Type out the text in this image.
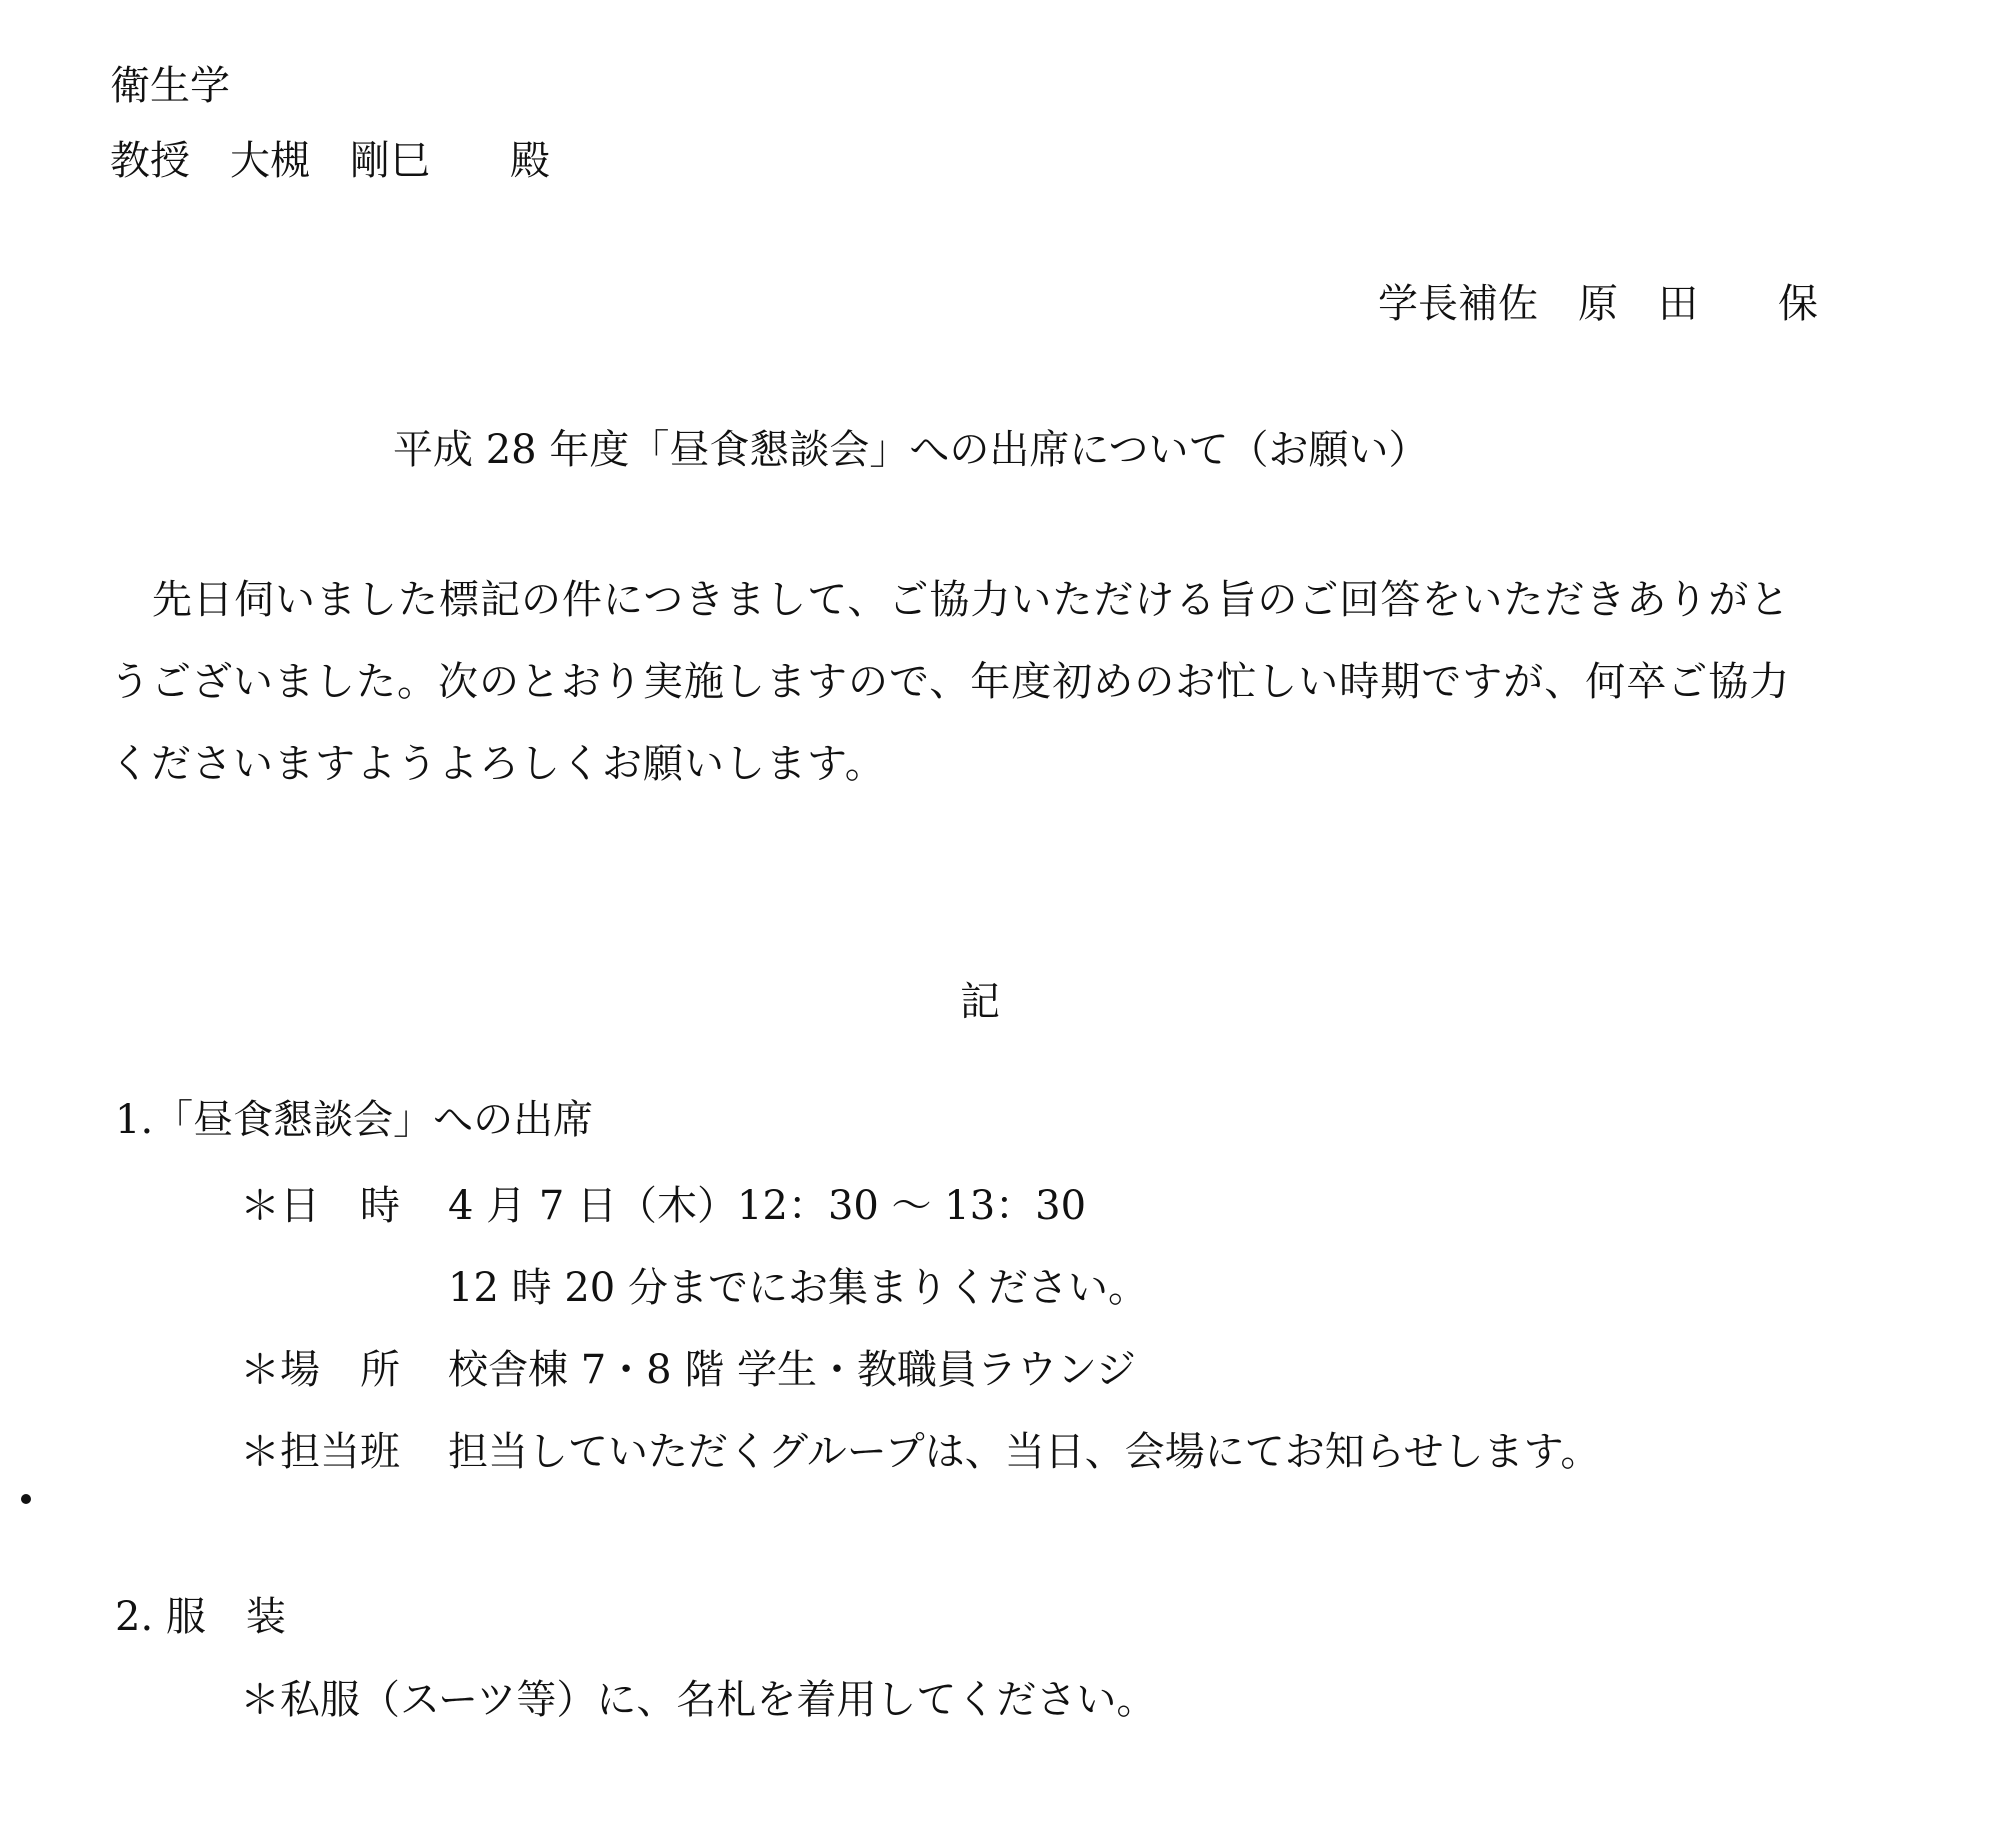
衛生学

教授　大槻　剛巳　　殿

学長補佐　原　田　　保

平成 28 年度「昼食懇談会」への出席について（お願い）

先日伺いました標記の件につきまして、ご協力いただける旨のご回答をいただきありがと

うございました。次のとおり実施しますので、年度初めのお忙しい時期ですが、何卒ご協力

くださいますようよろしくお願いします。

記

1.「昼食懇談会」への出席

＊日　時 4 月 7 日（木）12：30 ～ 13：30

12 時 20 分までにお集まりください。

＊場　所 校舎棟 7・8 階 学生・教職員ラウンジ

＊担当班 担当していただくグループは、当日、会場にてお知らせします。

2. 服　装

＊私服（スーツ等）に、名札を着用してください。
